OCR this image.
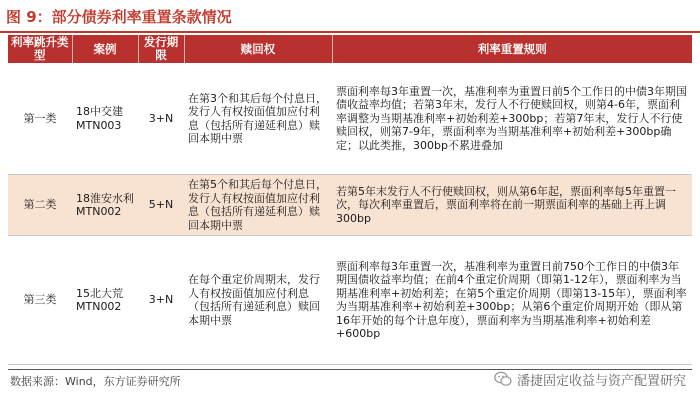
图 9：部分债券利率重置条款情况
利率跳升类型	案例	发行期限	赎回权	利率重置规则
第一类	18中交建MTN003	3+N	在第3个和其后每个付息日，发行人有权按面值加应付利息（包括所有递延利息）赎回本期中票	票面利率每3年重置一次，基准利率为重置日前5个工作日的中债3年期国债收益率均值；若第3年末，发行人不行使赎回权，则第4-6年，票面利率调整为当期基准利率+初始利差+300bp；若第7年末，发行人不行使赎回权，则第7-9年，票面利率为当期基准利率+初始利差+300bp确定；以此类推，300bp不累进叠加
第二类	18淮安水利MTN002	5+N	在第5个和其后每个付息日，发行人有权按面值加应付利息（包括所有递延利息）赎回本期中票	若第5年末发行人不行使赎回权，则从第6年起，票面利率每5年重置一次，每次利率重置后，票面利率将在前一期票面利率的基础上再上调300bp
第三类	15北大荒MTN002	3+N	在每个重定价周期末，发行人有权按面值加应付利息（包括所有递延利息）赎回本期中票	票面利率每3年重置一次，基准利率为重置日前750个工作日的中债3年期国债收益率均值；在前4个重定价周期（即第1-12年），票面利率为当期基准利率+初始利差；在第5个重定价周期（即第13-15年），票面利率为当期基准利率+初始利差+300bp；从第6个重定价周期开始（即从第16年开始的每个计息年度），票面利率为当期基准利率+初始利差+600bp
数据来源：Wind，东方证券研究所	潘捷固定收益与资产配置研究
